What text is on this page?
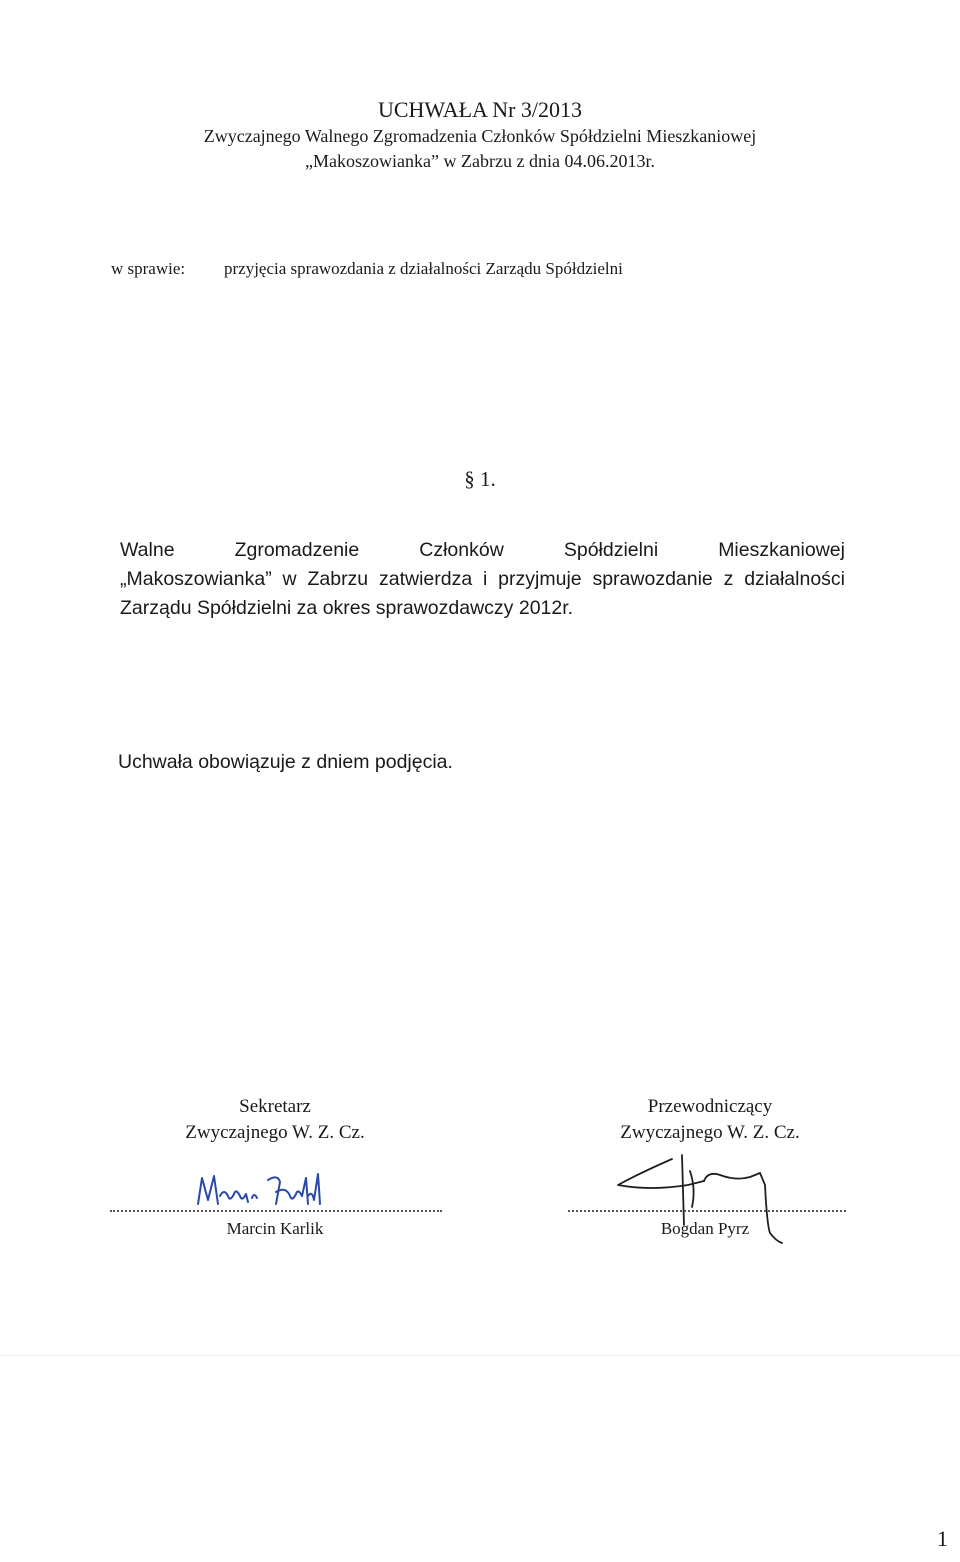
UCHWAŁA Nr 3/2013
Zwyczajnego Walnego Zgromadzenia Członków Spółdzielni Mieszkaniowej
„Makoszowianka” w Zabrzu z dnia 04.06.2013r.
w sprawie: przyjęcia sprawozdania z działalności Zarządu Spółdzielni
§ 1.

Walne Zgromadzenie Członków Spółdzielni Mieszkaniowej

„Makoszowianka” w Zabrzu zatwierdza i przyjmuje sprawozdanie z działalności

Zarządu Spółdzielni za okres sprawozdawczy 2012r.

Uchwała obowiązuje z dniem podjęcia.
Sekretarz
Zwyczajnego W. Z. Cz.
Marcin Karlik
Przewodniczący
Zwyczajnego W. Z. Cz.
Bogdan Pyrz
1
